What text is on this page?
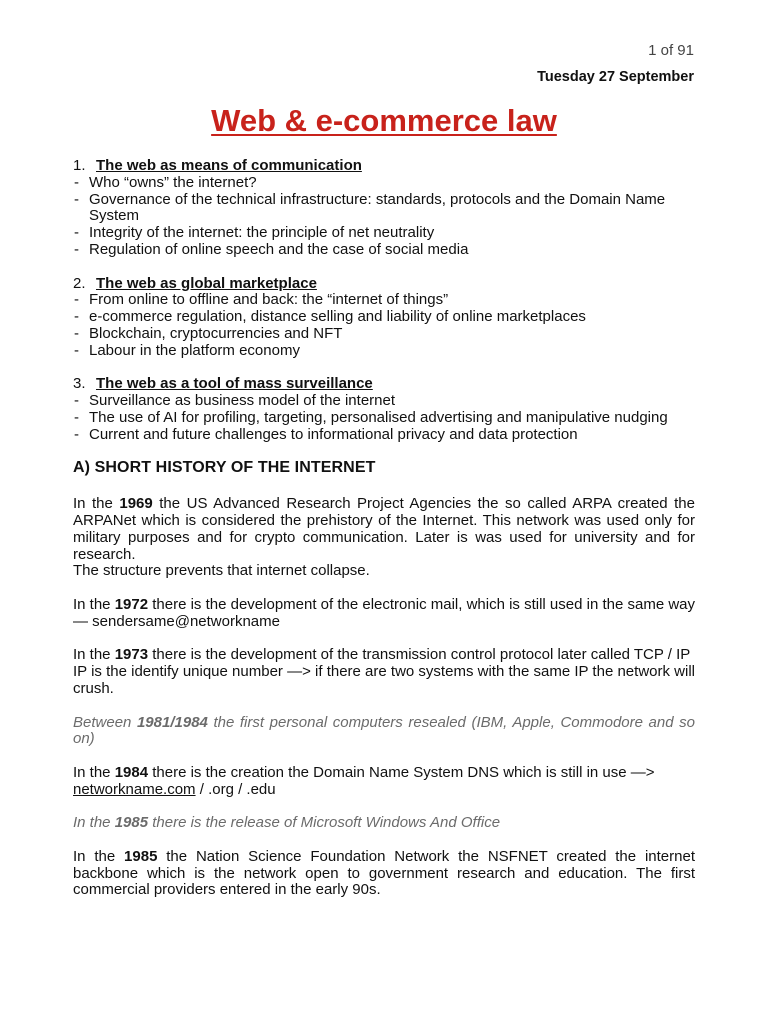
1 of 91
Tuesday 27 September
Web & e-commerce law
1. The web as means of communication
- Who “owns” the internet?
- Governance of the technical infrastructure: standards, protocols and the Domain Name System
- Integrity of the internet: the principle of net neutrality
- Regulation of online speech and the case of social media
2. The web as global marketplace
- From online to offline and back: the “internet of things”
- e-commerce regulation, distance selling and liability of online marketplaces
- Blockchain, cryptocurrencies and NFT
- Labour in the platform economy
3. The web as a tool of mass surveillance
- Surveillance as business model of the internet
- The use of AI for profiling, targeting, personalised advertising and manipulative nudging
- Current and future challenges to informational privacy and data protection
A) SHORT HISTORY OF THE INTERNET

In the 1969 the US Advanced Research Project Agencies the so called ARPA created the ARPANet which is considered the prehistory of the Internet. This network was used only for military purposes and for crypto communication. Later is was used for university and for research.
The structure prevents that internet collapse.

In the 1972 there is the development of the electronic mail, which is still used in the same way — sendersame@networkname

In the 1973 there is the development of the transmission control protocol later called TCP / IP
IP is the identify unique number —> if there are two systems with the same IP the network will crush.

Between 1981/1984 the first personal computers resealed (IBM, Apple, Commodore and so on)

In the 1984 there is the creation the Domain Name System DNS which is still in use —>
networkname.com / .org / .edu

In the 1985 there is the release of Microsoft Windows And Office

In the 1985 the Nation Science Foundation Network the NSFNET created the internet backbone which is the network open to government research and education. The first commercial providers entered in the early 90s.
